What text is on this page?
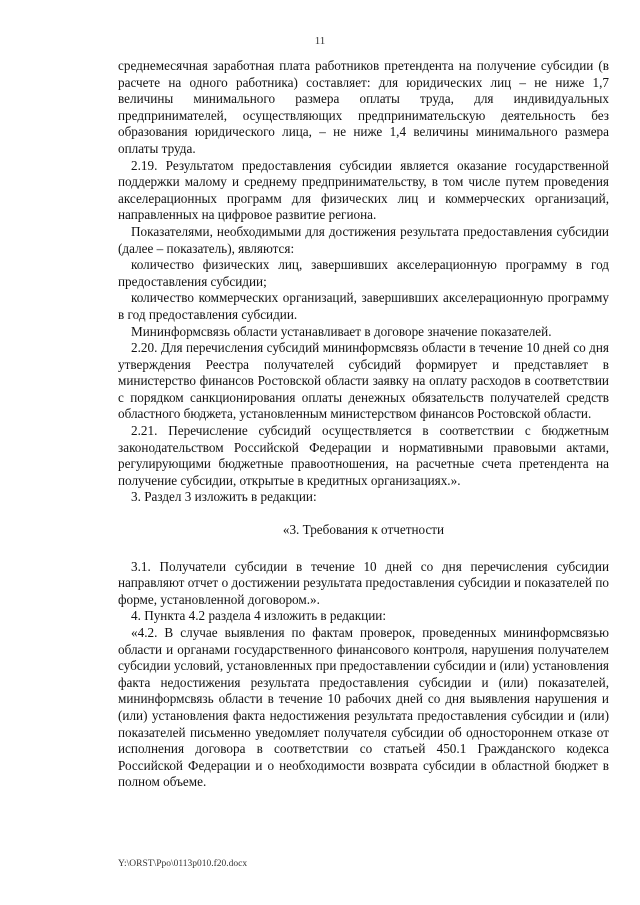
11

среднемесячная заработная плата работников претендента на получение субсидии (в расчете на одного работника) составляет: для юридических лиц – не ниже 1,7 величины минимального размера оплаты труда, для индивидуальных предпринимателей, осуществляющих предпринимательскую деятельность без образования юридического лица, – не ниже 1,4 величины минимального размера оплаты труда.

2.19. Результатом предоставления субсидии является оказание государственной поддержки малому и среднему предпринимательству, в том числе путем проведения акселерационных программ для физических лиц и коммерческих организаций, направленных на цифровое развитие региона.

Показателями, необходимыми для достижения результата предоставления субсидии (далее – показатель), являются:

количество физических лиц, завершивших акселерационную программу в год предоставления субсидии;

количество коммерческих организаций, завершивших акселерационную программу в год предоставления субсидии.

Мининформсвязь области устанавливает в договоре значение показателей.

2.20. Для перечисления субсидий мининформсвязь области в течение 10 дней со дня утверждения Реестра получателей субсидий формирует и представляет в министерство финансов Ростовской области заявку на оплату расходов в соответствии с порядком санкционирования оплаты денежных обязательств получателей средств областного бюджета, установленным министерством финансов Ростовской области.

2.21. Перечисление субсидий осуществляется в соответствии с бюджетным законодательством Российской Федерации и нормативными правовыми актами, регулирующими бюджетные правоотношения, на расчетные счета претендента на получение субсидии, открытые в кредитных организациях.».

3. Раздел 3 изложить в редакции:

«3. Требования к отчетности

3.1. Получатели субсидии в течение 10 дней со дня перечисления субсидии направляют отчет о достижении результата предоставления субсидии и показателей по форме, установленной договором.».

4. Пункта 4.2 раздела 4 изложить в редакции:

«4.2. В случае выявления по фактам проверок, проведенных мининформсвязью области и органами государственного финансового контроля, нарушения получателем субсидии условий, установленных при предоставлении субсидии и (или) установления факта недостижения результата предоставления субсидии и (или) показателей, мининформсвязь области в течение 10 рабочих дней со дня выявления нарушения и (или) установления факта недостижения результата предоставления субсидии и (или) показателей письменно уведомляет получателя субсидии об одностороннем отказе от исполнения договора в соответствии со статьей 450.1 Гражданского кодекса Российской Федерации и о необходимости возврата субсидии в областной бюджет в полном объеме.

Y:\ORST\Ppo\0113p010.f20.docx
